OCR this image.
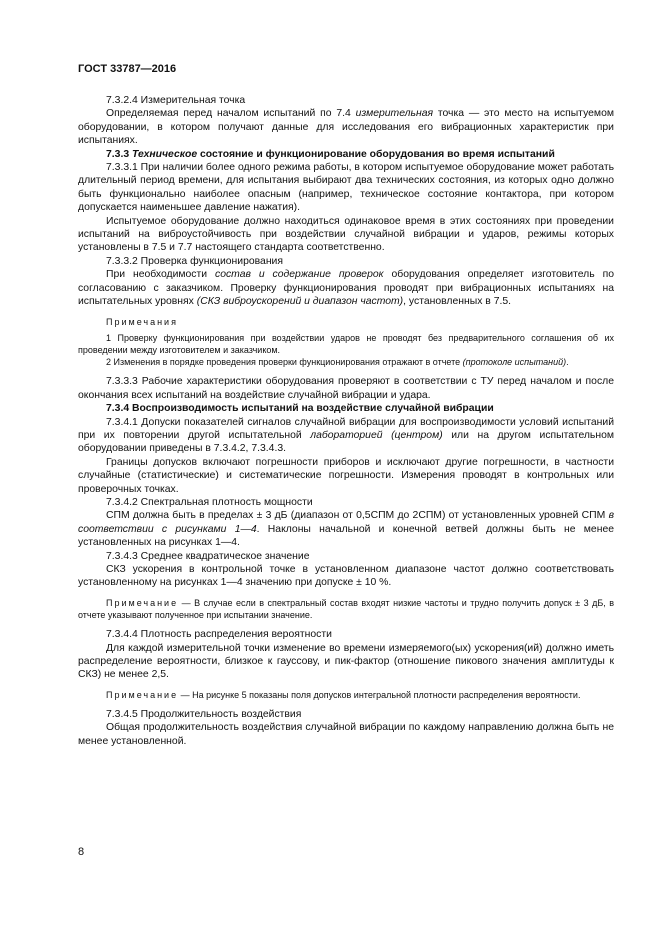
ГОСТ 33787—2016

7.3.2.4 Измерительная точка

Определяемая перед началом испытаний по 7.4 измерительная точка — это место на испытуемом оборудовании, в котором получают данные для исследования его вибрационных характеристик при испытаниях.

7.3.3 Техническое состояние и функционирование оборудования во время испытаний

7.3.3.1 При наличии более одного режима работы, в котором испытуемое оборудование может работать длительный период времени, для испытания выбирают два технических состояния, из которых одно должно быть функционально наиболее опасным (например, техническое состояние контактора, при котором допускается наименьшее давление нажатия).

Испытуемое оборудование должно находиться одинаковое время в этих состояниях при проведении испытаний на виброустойчивость при воздействии случайной вибрации и ударов, режимы которых установлены в 7.5 и 7.7 настоящего стандарта соответственно.

7.3.3.2 Проверка функционирования

При необходимости состав и содержание проверок оборудования определяет изготовитель по согласованию с заказчиком. Проверку функционирования проводят при вибрационных испытаниях на испытательных уровнях (СКЗ виброускорений и диапазон частот), установленных в 7.5.

Примечания

1 Проверку функционирования при воздействии ударов не проводят без предварительного соглашения об их проведении между изготовителем и заказчиком.

2 Изменения в порядке проведения проверки функционирования отражают в отчете (протоколе испытаний).

7.3.3.3 Рабочие характеристики оборудования проверяют в соответствии с ТУ перед началом и после окончания всех испытаний на воздействие случайной вибрации и удара.

7.3.4 Воспроизводимость испытаний на воздействие случайной вибрации

7.3.4.1 Допуски показателей сигналов случайной вибрации для воспроизводимости условий испытаний при их повторении другой испытательной лабораторией (центром) или на другом испытательном оборудовании приведены в 7.3.4.2, 7.3.4.3.

Границы допусков включают погрешности приборов и исключают другие погрешности, в частности случайные (статистические) и систематические погрешности. Измерения проводят в контрольных или проверочных точках.

7.3.4.2 Спектральная плотность мощности

СПМ должна быть в пределах ± 3 дБ (диапазон от 0,5СПМ до 2СПМ) от установленных уровней СПМ в соответствии с рисунками 1—4. Наклоны начальной и конечной ветвей должны быть не менее установленных на рисунках 1—4.

7.3.4.3 Среднее квадратическое значение

СКЗ ускорения в контрольной точке в установленном диапазоне частот должно соответствовать установленному на рисунках 1—4 значению при допуске ± 10 %.

Примечание — В случае если в спектральный состав входят низкие частоты и трудно получить допуск ± 3 дБ, в отчете указывают полученное при испытании значение.

7.3.4.4 Плотность распределения вероятности

Для каждой измерительной точки изменение во времени измеряемого(ых) ускорения(ий) должно иметь распределение вероятности, близкое к гауссову, и пик-фактор (отношение пикового значения амплитуды к СКЗ) не менее 2,5.

Примечание — На рисунке 5 показаны поля допусков интегральной плотности распределения вероятности.

7.3.4.5 Продолжительность воздействия

Общая продолжительность воздействия случайной вибрации по каждому направлению должна быть не менее установленной.

8
